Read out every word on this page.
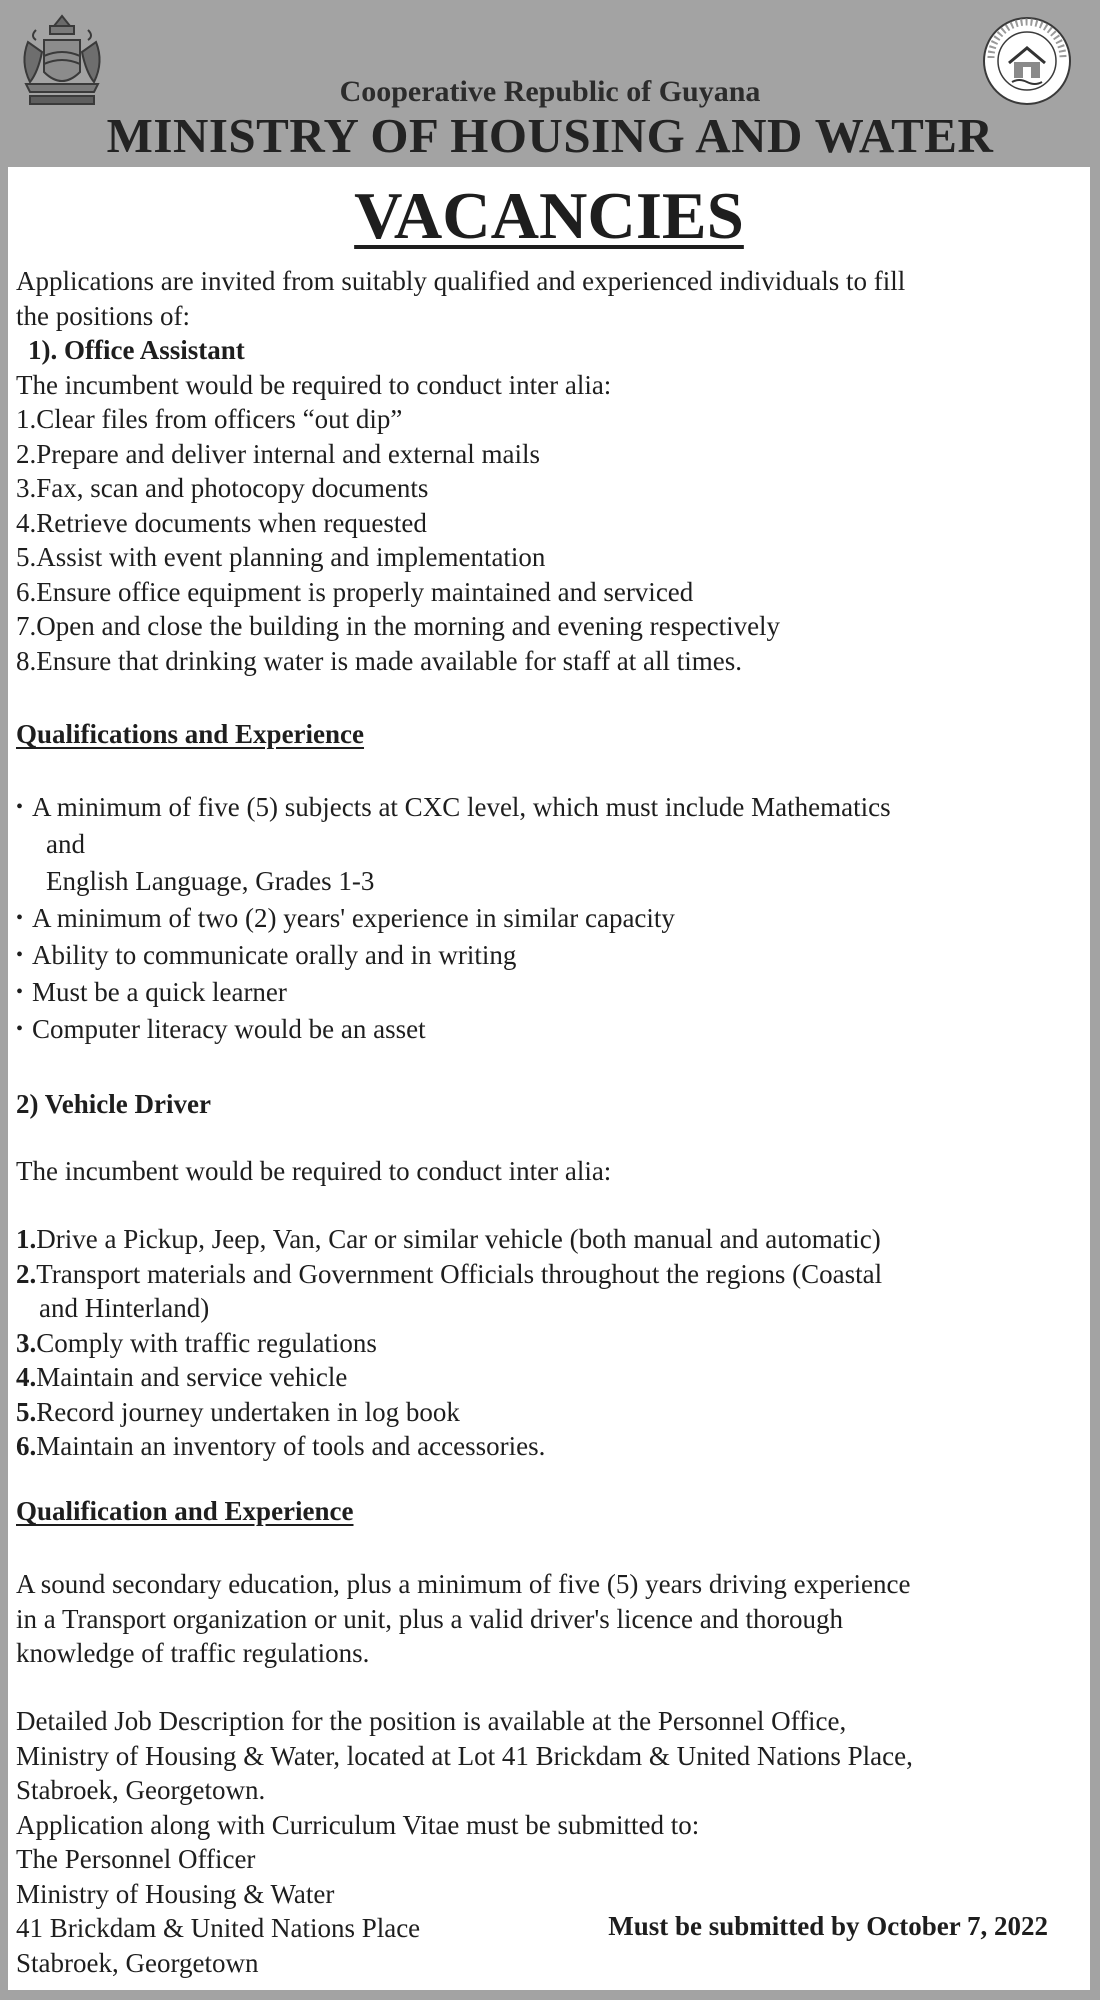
Cooperative Republic of Guyana
MINISTRY OF HOUSING AND WATER
VACANCIES
Applications are invited from suitably qualified and experienced individuals to fill
the positions of:
1). Office Assistant
The incumbent would be required to conduct inter alia:
1.Clear files from officers “out dip”
2.Prepare and deliver internal and external mails
3.Fax, scan and photocopy documents
4.Retrieve documents when requested
5.Assist with event planning and implementation
6.Ensure office equipment is properly maintained and serviced
7.Open and close the building in the morning and evening respectively
8.Ensure that drinking water is made available for staff at all times.
Qualifications and Experience
• A minimum of five (5) subjects at CXC level, which must include Mathematics
and
English Language, Grades 1-3
• A minimum of two (2) years' experience in similar capacity
• Ability to communicate orally and in writing
• Must be a quick learner
• Computer literacy would be an asset
2) Vehicle Driver
The incumbent would be required to conduct inter alia:
1.Drive a Pickup, Jeep, Van, Car or similar vehicle (both manual and automatic)
2.Transport materials and Government Officials throughout the regions (Coastal
and Hinterland)
3.Comply with traffic regulations
4.Maintain and service vehicle
5.Record journey undertaken in log book
6.Maintain an inventory of tools and accessories.
Qualification and Experience
A sound secondary education, plus a minimum of five (5) years driving experience
in a Transport organization or unit, plus a valid driver's licence and thorough
knowledge of traffic regulations.
Detailed Job Description for the position is available at the Personnel Office,
Ministry of Housing & Water, located at Lot 41 Brickdam & United Nations Place,
Stabroek, Georgetown.
Application along with Curriculum Vitae must be submitted to:
The Personnel Officer
Ministry of Housing & Water
41 Brickdam & United Nations Place
Stabroek, Georgetown
Must be submitted by October 7, 2022
